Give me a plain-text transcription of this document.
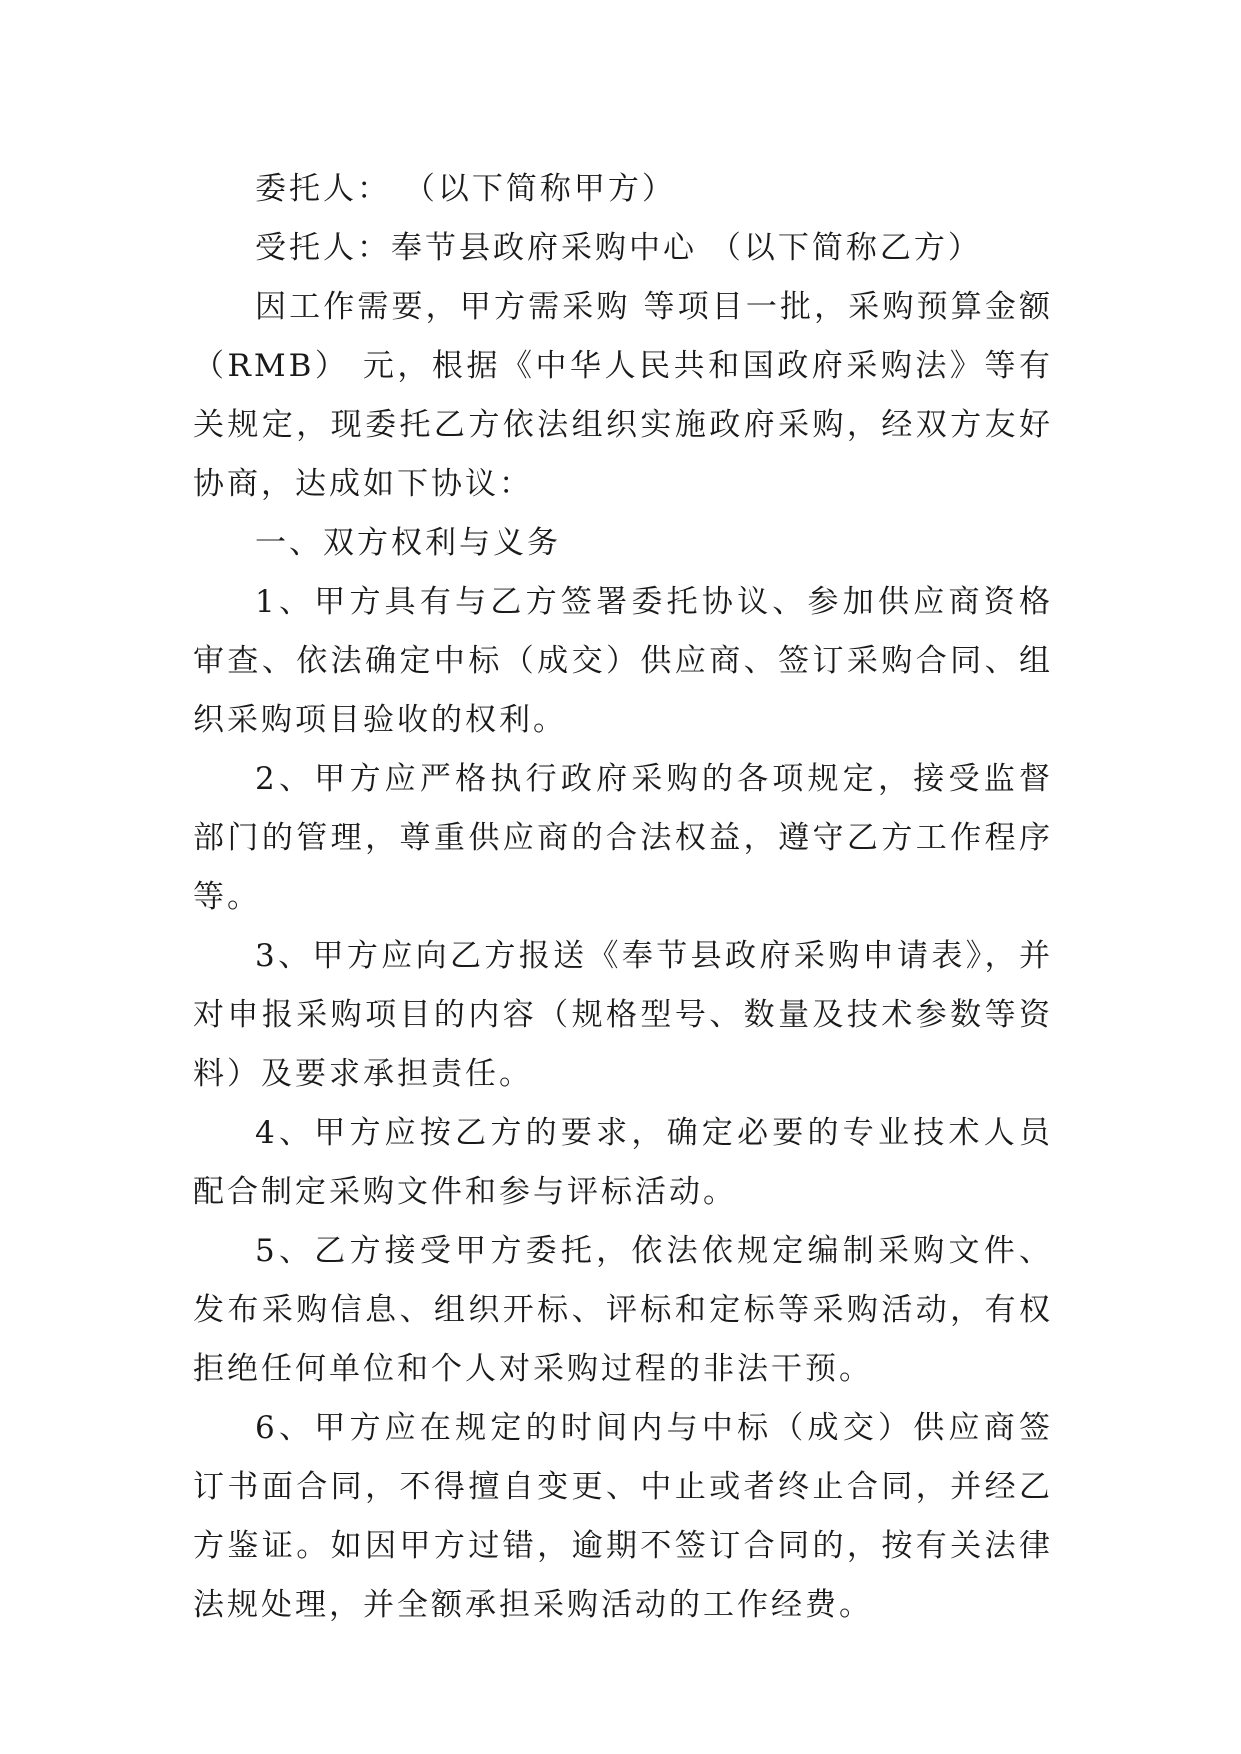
委托人： （以下简称甲方）

受托人：奉节县政府采购中心 （以下简称乙方）

因工作需要，甲方需采购 等项目一批，采购预算金额（RMB） 元，根据《中华人民共和国政府采购法》等有关规定，现委托乙方依法组织实施政府采购，经双方友好协商，达成如下协议：

一、双方权利与义务

1、甲方具有与乙方签署委托协议、参加供应商资格审查、依法确定中标（成交）供应商、签订采购合同、组织采购项目验收的权利。

2、甲方应严格执行政府采购的各项规定，接受监督部门的管理，尊重供应商的合法权益，遵守乙方工作程序等。

3、甲方应向乙方报送《奉节县政府采购申请表》，并对申报采购项目的内容（规格型号、数量及技术参数等资料）及要求承担责任。

4、甲方应按乙方的要求，确定必要的专业技术人员配合制定采购文件和参与评标活动。

5、乙方接受甲方委托，依法依规定编制采购文件、发布采购信息、组织开标、评标和定标等采购活动，有权拒绝任何单位和个人对采购过程的非法干预。

6、甲方应在规定的时间内与中标（成交）供应商签订书面合同，不得擅自变更、中止或者终止合同，并经乙方鉴证。如因甲方过错，逾期不签订合同的，按有关法律法规处理，并全额承担采购活动的工作经费。
